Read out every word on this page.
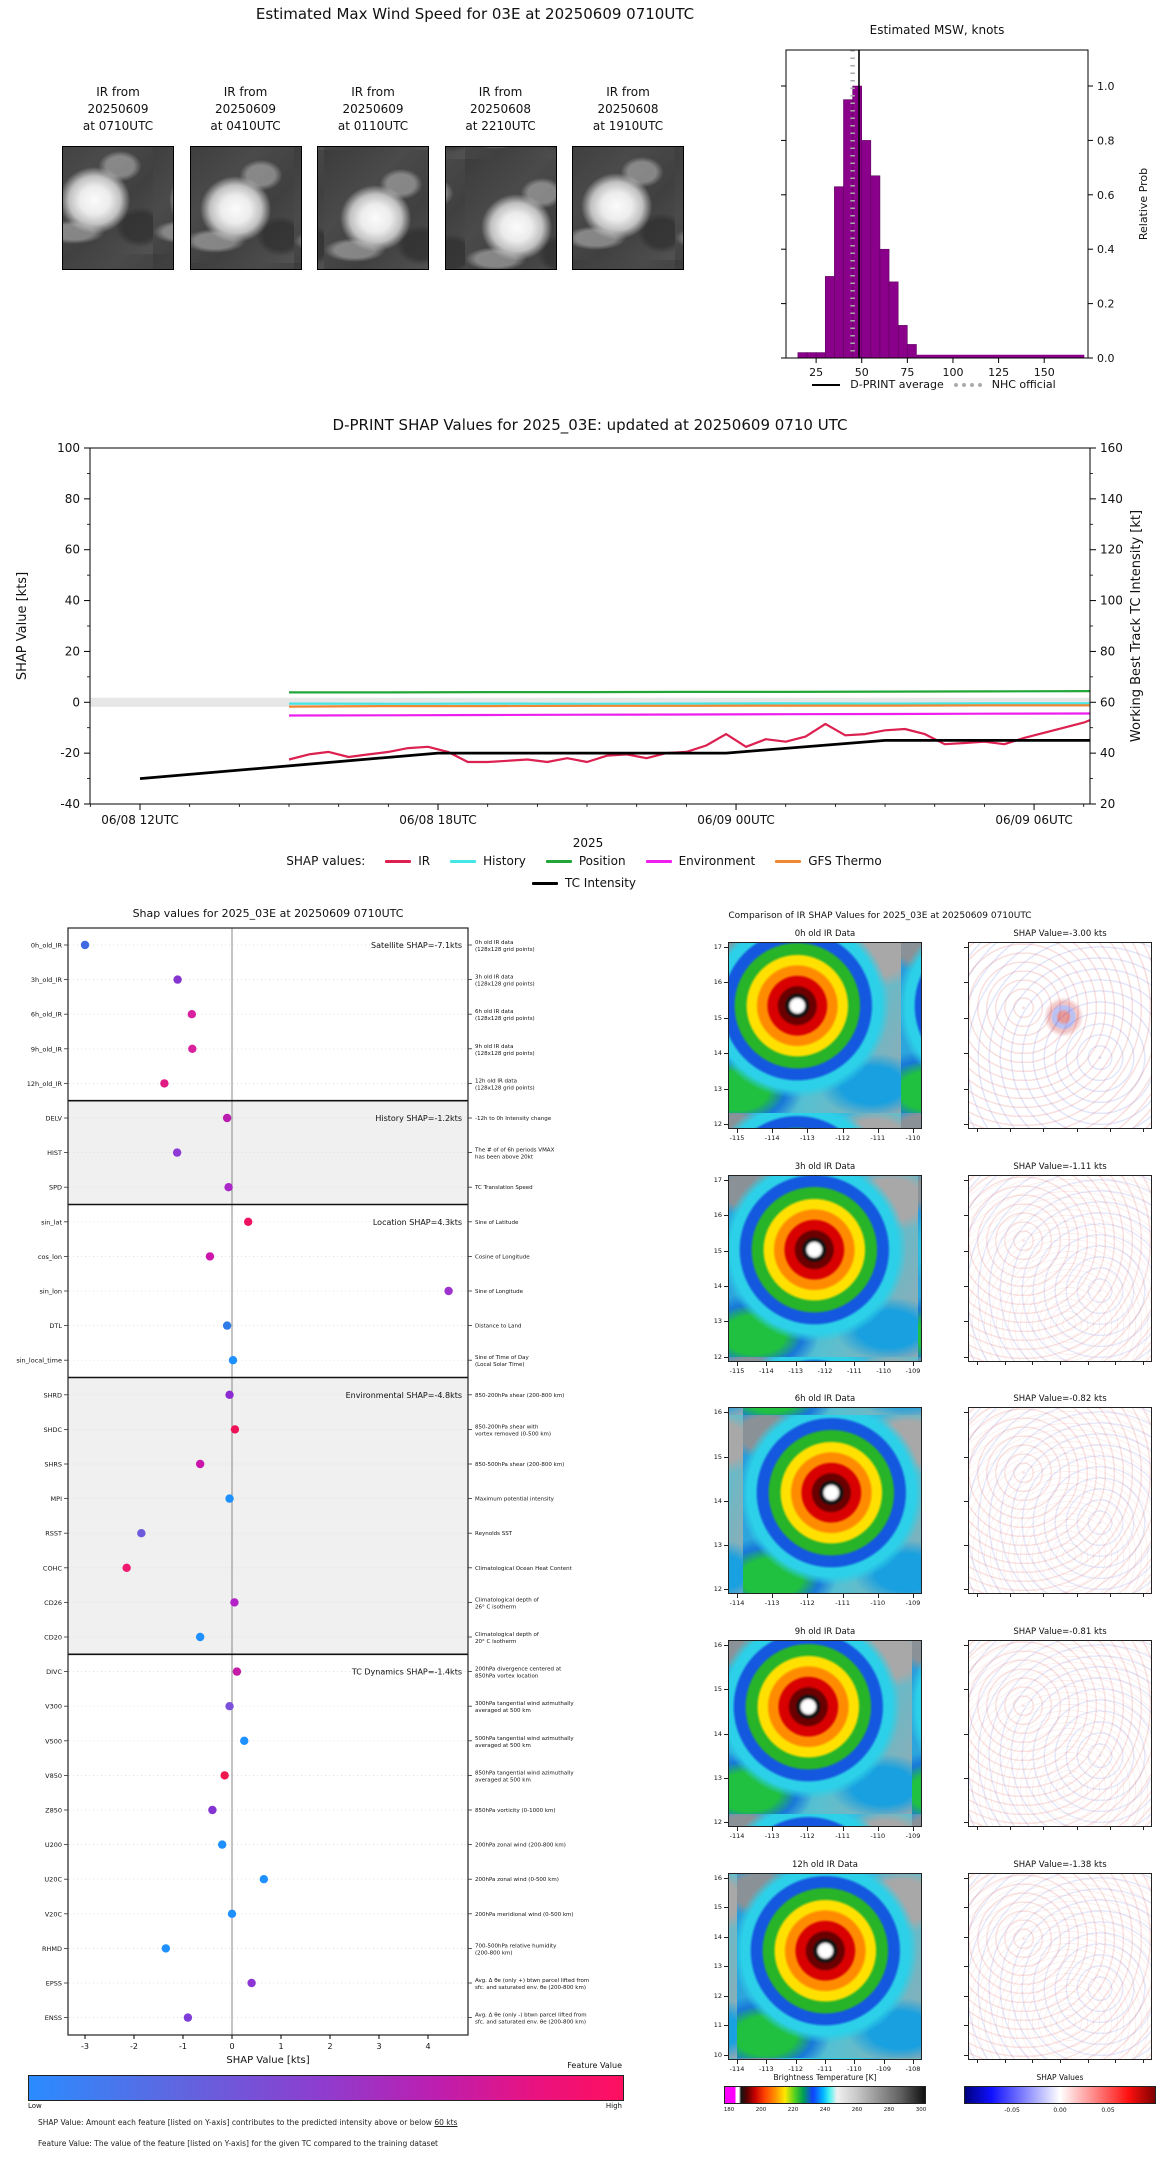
Estimated Max Wind Speed for 03E at 20250609 0710UTC
IR from
20250609
at 0710UTC
IR from
20250609
at 0410UTC
IR from
20250609
at 0110UTC
IR from
20250608
at 2210UTC
IR from
20250608
at 1910UTC
25	50	75	100 125 150
0.0
0.2
0.4
0.6
0.8
1.0
Estimated MSW, knots
Relative Prob
D-PRINT average	NHC official
-40
-20
0
20
40
60
80
100
20
40
60
80
100
120
140
160
06/08 12UTC	06/08 18UTC	06/09 00UTC	06/09 06UTC
D-PRINT SHAP Values for 2025_03E: updated at 20250609 0710 UTC
SHAP Value [kts]	Working Best Track TC Intensity [kt]
2025
SHAP values:	IR	History	Position	Environment	GFS Thermo
TC Intensity
Satellite SHAP=-7.1kts
0h_old_IR	0h old IR data
(128x128 grid points)
3h_old_IR	3h old IR data
(128x128 grid points)
6h_old_IR	6h old IR data
(128x128 grid points)
9h_old_IR	9h old IR data
(128x128 grid points)
12h_old_IR	12h old IR data
(128x128 grid points)
History SHAP=-1.2kts
DELV	-12h to 0h Intensity change
HIST	The # of of 6h periods VMAX
has been above 20kt
SPD	TC Translation Speed
Location SHAP=4.3kts
sin_lat	Sine of Latitude
cos_lon	Cosine of Longitude
sin_lon	Sine of Longitude
DTL	Distance to Land
sin_local_time	Sine of Time of Day
(Local Solar Time)
Environmental SHAP=-4.8kts
SHRD	850-200hPa shear (200-800 km)
SHDC	850-200hPa shear with
vortex removed (0-500 km)
SHRS	850-500hPa shear (200-800 km)
MPI	Maximum potential intensity
RSST	Reynolds SST
COHC	Climatological Ocean Heat Content
CD26	Climatological depth of
26° C isotherm
CD20	Climatological depth of
20° C isotherm
TC Dynamics SHAP=-1.4kts
DIVC	200hPa divergence centered at
850hPa vortex location
V300	300hPa tangential wind azimuthally
averaged at 500 km
V500	500hPa tangential wind azimuthally
averaged at 500 km
V850	850hPa tangential wind azimuthally
averaged at 500 km
Z850	850hPa vorticity (0-1000 km)
U200	200hPa zonal wind (200-800 km)
U20C	200hPa zonal wind (0-500 km)
V20C	200hPa meridional wind (0-500 km)
RHMD	700-500hPa relative humidity
(200-800 km)
EPSS	Avg. Δ θe (only +) btwn parcel lifted from
sfc. and saturated env. θe (200-800 km)
ENSS	Avg. Δ θe (only -) btwn parcel lifted from
sfc. and saturated env. θe (200-800 km)
-3	-2	-1	0	1	2	3	4
SHAP Value [kts]
Shap values for 2025_03E at 20250609 0710UTC
Feature Value
Low	High
SHAP Value: Amount each feature [listed on Y-axis] contributes to the predicted intensity above or below 60 kts
Feature Value: The value of the feature [listed on Y-axis] for the given TC compared to the training dataset
Comparison of IR SHAP Values for 2025_03E at 20250609 0710UTC
0h old IR Data	SHAP Value=-3.00 kts
17
16
15
14
13
12
-115	-114	-113	-112	-111	-110
3h old IR Data	SHAP Value=-1.11 kts
17
16
15
14
13
12
-115	-114	-113	-112	-111	-110	-109
6h old IR Data	SHAP Value=-0.82 kts
16
15
14
13
12
-114	-113	-112	-111	-110	-109
9h old IR Data	SHAP Value=-0.81 kts
16
15
14
13
12
-114	-113	-112	-111	-110	-109
12h old IR Data	SHAP Value=-1.38 kts
16
15
14
13
12
11
10
-114	-113	-112	-111	-110	-109	-108
Brightness Temperature [K]
180	200	220	240	260	280	300
SHAP Values
-0.05	0.00	0.05
